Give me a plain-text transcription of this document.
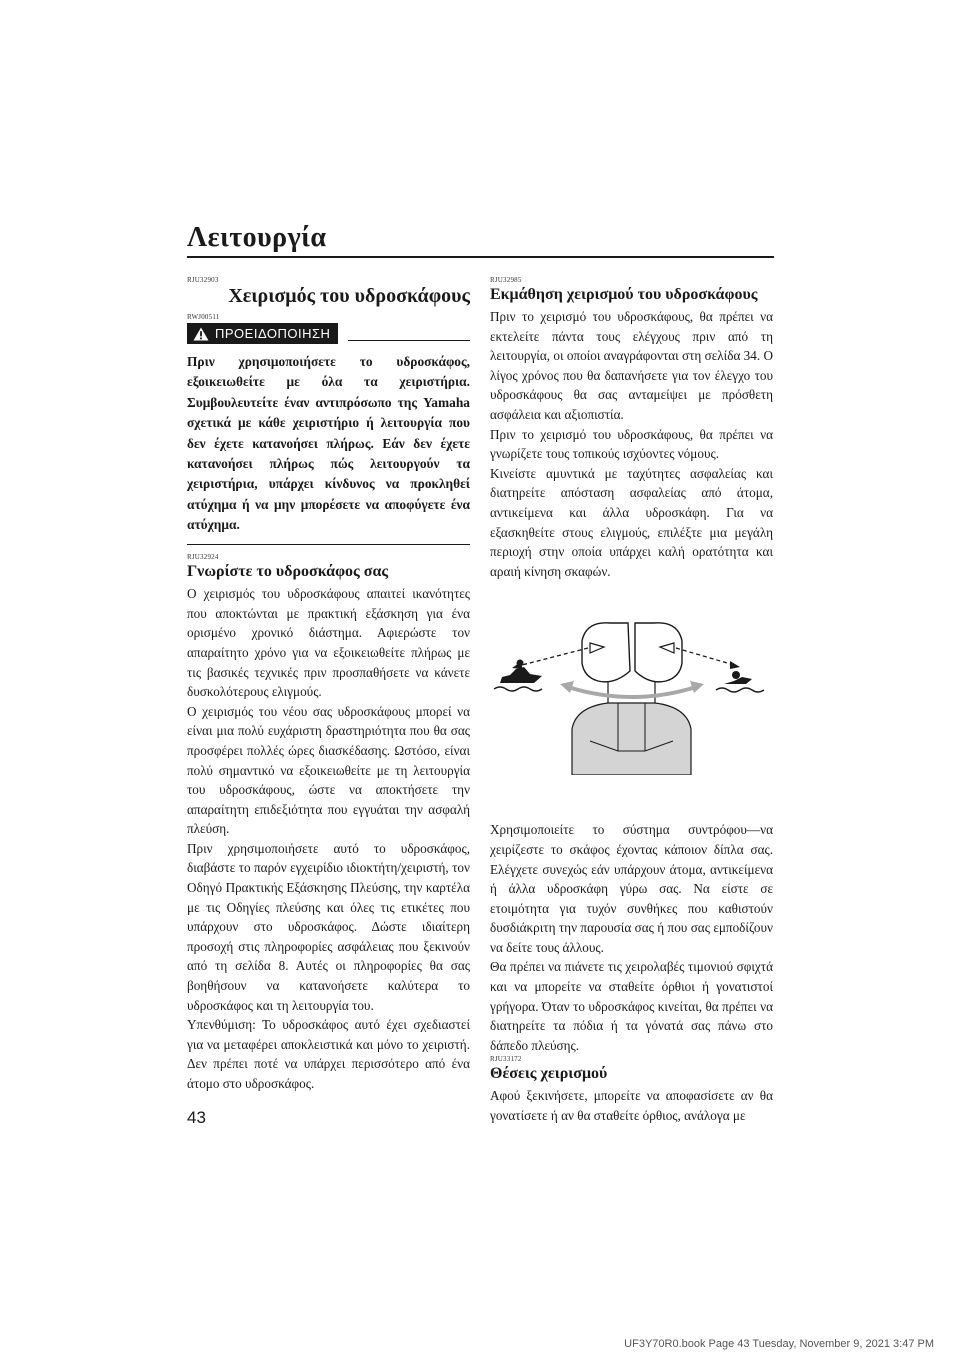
Λειτουργία
RJU32903
Χειρισμός του υδροσκάφους
RWJ00511
ΠΡΟΕΙΔΟΠΟΙΗΣΗ

Πριν χρησιμοποιήσετε το υδροσκάφος, εξοικειωθείτε με όλα τα χειριστήρια. Συμβουλευτείτε έναν αντιπρόσωπο της Yamaha σχετικά με κάθε χειριστήριο ή λειτουργία που δεν έχετε κατανοήσει πλήρως. Εάν δεν έχετε κατανοήσει πλήρως πώς λειτουργούν τα χειριστήρια, υπάρχει κίνδυνος να προκληθεί ατύχημα ή να μην μπορέσετε να αποφύγετε ένα ατύχημα.

RJU32924
Γνωρίστε το υδροσκάφος σας

Ο χειρισμός του υδροσκάφους απαιτεί ικανότητες που αποκτώνται με πρακτική εξάσκηση για ένα ορισμένο χρονικό διάστημα. Αφιερώστε τον απαραίτητο χρόνο για να εξοικειωθείτε πλήρως με τις βασικές τεχνικές πριν προσπαθήσετε να κάνετε δυσκολότερους ελιγμούς.

Ο χειρισμός του νέου σας υδροσκάφους μπορεί να είναι μια πολύ ευχάριστη δραστηριότητα που θα σας προσφέρει πολλές ώρες διασκέδασης. Ωστόσο, είναι πολύ σημαντικό να εξοικειωθείτε με τη λειτουργία του υδροσκάφους, ώστε να αποκτήσετε την απαραίτητη επιδεξιότητα που εγγυάται την ασφαλή πλεύση.

Πριν χρησιμοποιήσετε αυτό το υδροσκάφος, διαβάστε το παρόν εγχειρίδιο ιδιοκτήτη/χειριστή, τον Οδηγό Πρακτικής Εξάσκησης Πλεύσης, την καρτέλα με τις Οδηγίες πλεύσης και όλες τις ετικέτες που υπάρχουν στο υδροσκάφος. Δώστε ιδιαίτερη προσοχή στις πληροφορίες ασφάλειας που ξεκινούν από τη σελίδα 8. Αυτές οι πληροφορίες θα σας βοηθήσουν να κατανοήσετε καλύτερα το υδροσκάφος και τη λειτουργία του.

Υπενθύμιση: Το υδροσκάφος αυτό έχει σχεδιαστεί για να μεταφέρει αποκλειστικά και μόνο το χειριστή. Δεν πρέπει ποτέ να υπάρχει περισσότερο από ένα άτομο στο υδροσκάφος.

RJU32985
Εκμάθηση χειρισμού του υδροσκάφους

Πριν το χειρισμό του υδροσκάφους, θα πρέπει να εκτελείτε πάντα τους ελέγχους πριν από τη λειτουργία, οι οποίοι αναγράφονται στη σελίδα 34. Ο λίγος χρόνος που θα δαπανήσετε για τον έλεγχο του υδροσκάφους θα σας ανταμείψει με πρόσθετη ασφάλεια και αξιοπιστία.

Πριν το χειρισμό του υδροσκάφους, θα πρέπει να γνωρίζετε τους τοπικούς ισχύοντες νόμους.

Κινείστε αμυντικά με ταχύτητες ασφαλείας και διατηρείτε απόσταση ασφαλείας από άτομα, αντικείμενα και άλλα υδροσκάφη. Για να εξασκηθείτε στους ελιγμούς, επιλέξτε μια μεγάλη περιοχή στην οποία υπάρχει καλή ορατότητα και αραιή κίνηση σκαφών.

Χρησιμοποιείτε το σύστημα συντρόφου—να χειρίζεστε το σκάφος έχοντας κάποιον δίπλα σας. Ελέγχετε συνεχώς εάν υπάρχουν άτομα, αντικείμενα ή άλλα υδροσκάφη γύρω σας. Να είστε σε ετοιμότητα για τυχόν συνθήκες που καθιστούν δυσδιάκριτη την παρουσία σας ή που σας εμποδίζουν να δείτε τους άλλους.

Θα πρέπει να πιάνετε τις χειρολαβές τιμονιού σφιχτά και να μπορείτε να σταθείτε όρθιοι ή γονατιστοί γρήγορα. Όταν το υδροσκάφος κινείται, θα πρέπει να διατηρείτε τα πόδια ή τα γόνατά σας πάνω στο δάπεδο πλεύσης.

RJU33172
Θέσεις χειρισμού

Αφού ξεκινήσετε, μπορείτε να αποφασίσετε αν θα γονατίσετε ή αν θα σταθείτε όρθιος, ανάλογα με

43
UF3Y70R0.book Page 43 Tuesday, November 9, 2021 3:47 PM
